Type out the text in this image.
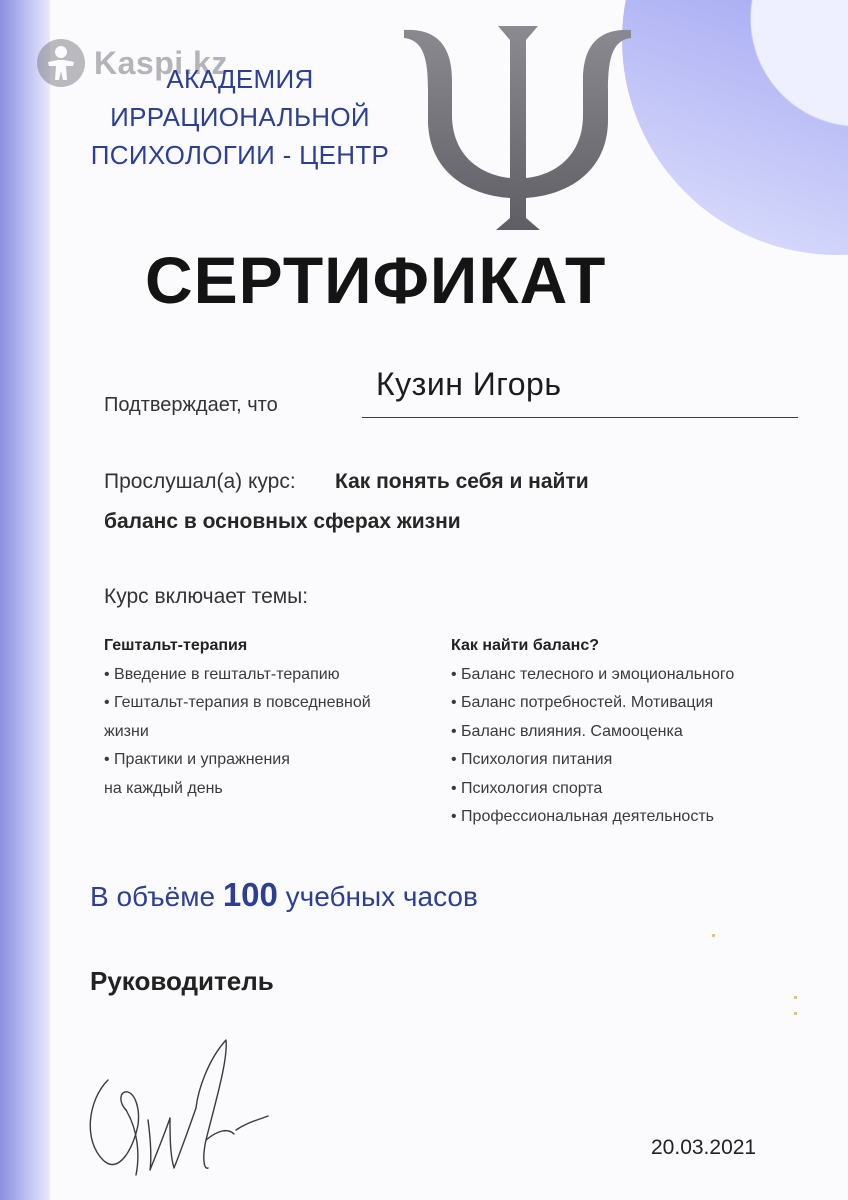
Kaspi.kz
АКАДЕМИЯ
ИРРАЦИОНАЛЬНОЙ
ПСИХОЛОГИИ - ЦЕНТР
СЕРТИФИКАТ
Подтверждает, что
Кузин Игорь
Прослушал(а) курс: Как понять себя и найти
баланс в основных сферах жизни
Курс включает темы:
Гештальт-терапия
• Введение в гештальт-терапию
• Гештальт-терапия в повседневной
жизни
• Практики и упражнения
на каждый день
Как найти баланс?
• Баланс телесного и эмоционального
• Баланс потребностей. Мотивация
• Баланс влияния. Самооценка
• Психология питания
• Психология спорта
• Профессиональная деятельность
В объёме 100 учебных часов
Руководитель
20.03.2021
